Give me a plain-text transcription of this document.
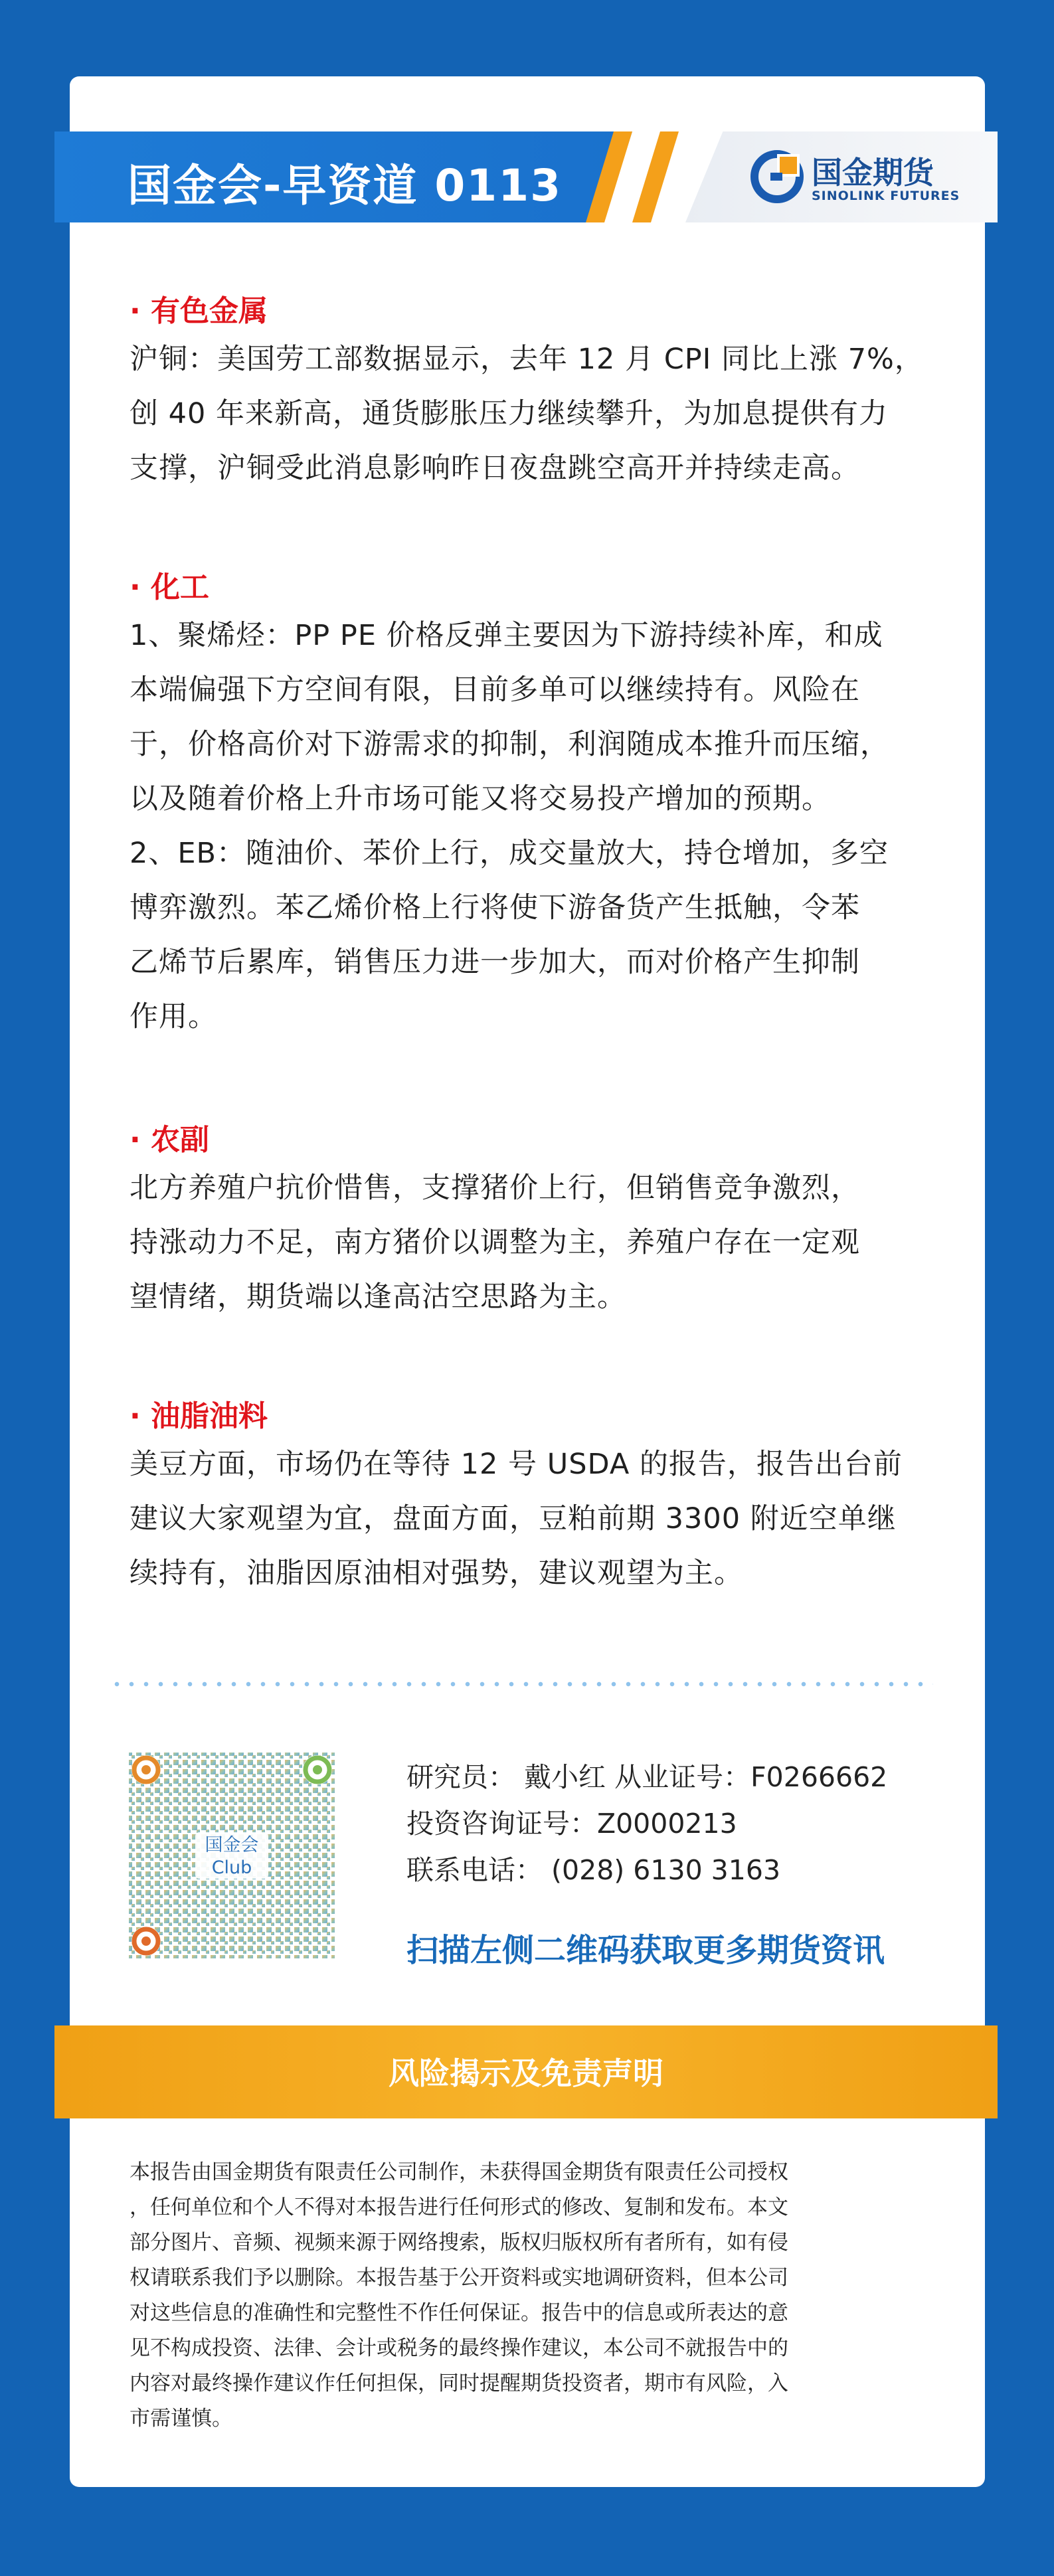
国金会-早资道 0113	国金期货
SINOLINK FUTURES
· 有色金属
沪铜：美国劳工部数据显示，去年 12 月 CPI 同比上涨 7%，
创 40 年来新高，通货膨胀压力继续攀升，为加息提供有力
支撑，沪铜受此消息影响昨日夜盘跳空高开并持续走高。
· 化工
1、聚烯烃：PP PE 价格反弹主要因为下游持续补库，和成
本端偏强下方空间有限，目前多单可以继续持有。风险在
于，价格高价对下游需求的抑制，利润随成本推升而压缩，
以及随着价格上升市场可能又将交易投产增加的预期。
2、EB：随油价、苯价上行，成交量放大，持仓增加，多空
博弈激烈。苯乙烯价格上行将使下游备货产生抵触，令苯
乙烯节后累库，销售压力进一步加大，而对价格产生抑制
作用。
· 农副
北方养殖户抗价惜售，支撑猪价上行，但销售竞争激烈，
持涨动力不足，南方猪价以调整为主，养殖户存在一定观
望情绪，期货端以逢高沽空思路为主。
· 油脂油料
美豆方面，市场仍在等待 12 号 USDA 的报告，报告出台前
建议大家观望为宜，盘面方面，豆粕前期 3300 附近空单继
续持有，油脂因原油相对强势，建议观望为主。
国金会
Club
研究员： 戴小红 从业证号：F0266662
投资咨询证号：Z0000213
联系电话： (028) 6130 3163
扫描左侧二维码获取更多期货资讯
风险揭示及免责声明
本报告由国金期货有限责任公司制作，未获得国金期货有限责任公司授权
，任何单位和个人不得对本报告进行任何形式的修改、复制和发布。本文
部分图片、音频、视频来源于网络搜索，版权归版权所有者所有，如有侵
权请联系我们予以删除。本报告基于公开资料或实地调研资料，但本公司
对这些信息的准确性和完整性不作任何保证。报告中的信息或所表达的意
见不构成投资、法律、会计或税务的最终操作建议，本公司不就报告中的
内容对最终操作建议作任何担保，同时提醒期货投资者，期市有风险，入
市需谨慎。
